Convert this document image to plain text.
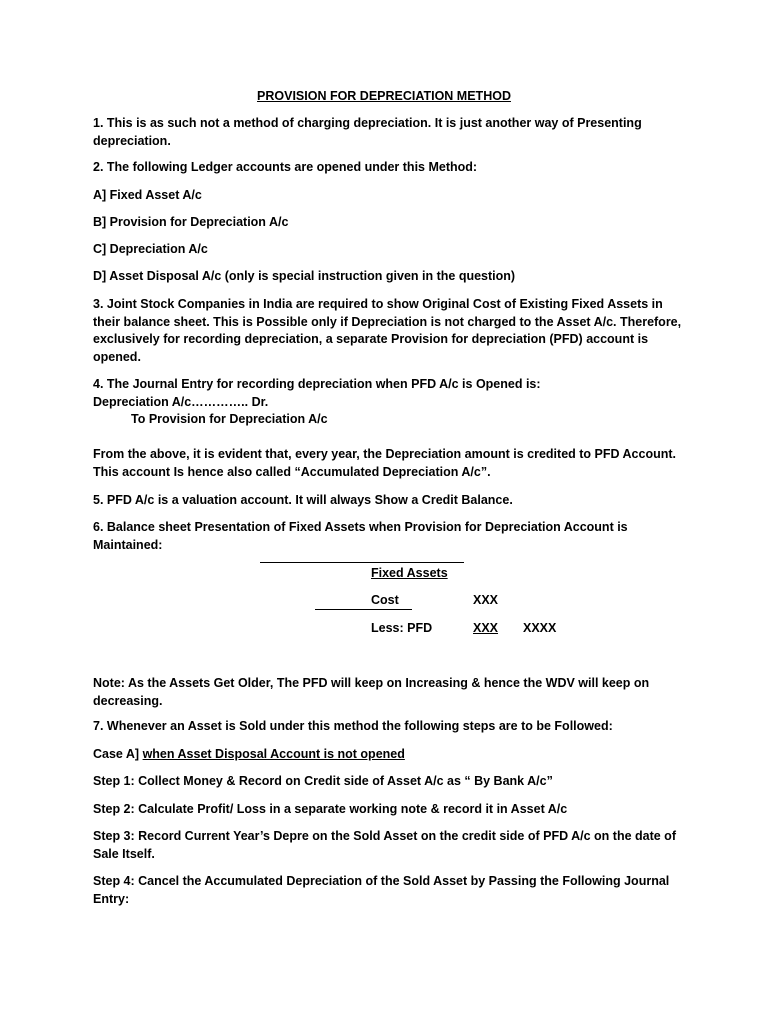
PROVISION FOR DEPRECIATION METHOD

1. This is as such not a method of charging depreciation. It is just another way of Presenting depreciation.

2. The following Ledger accounts are opened under this Method:

A] Fixed Asset A/c

B] Provision for Depreciation A/c

C] Depreciation A/c

D] Asset Disposal A/c (only is special instruction given in the question)

3. Joint Stock Companies in India are required to show Original Cost of Existing Fixed Assets in their balance sheet. This is Possible only if Depreciation is not charged to the Asset A/c. Therefore, exclusively for recording depreciation, a separate Provision for depreciation (PFD) account is opened.

4. The Journal Entry for recording depreciation when PFD A/c is Opened is:

Depreciation A/c………….. Dr.

To Provision for Depreciation A/c

From the above, it is evident that, every year, the Depreciation amount is credited to PFD Account. This account Is hence also called “Accumulated Depreciation A/c”.

5. PFD A/c is a valuation account. It will always Show a Credit Balance.

6. Balance sheet Presentation of Fixed Assets when Provision for Depreciation Account is Maintained:

Fixed Assets

Cost	XXX

Less: PFD	XXX XXXX

Note: As the Assets Get Older, The PFD will keep on Increasing & hence the WDV will keep on decreasing.

7. Whenever an Asset is Sold under this method the following steps are to be Followed:

Case A] when Asset Disposal Account is not opened

Step 1: Collect Money & Record on Credit side of Asset A/c as “ By Bank A/c”

Step 2: Calculate Profit/ Loss in a separate working note & record it in Asset A/c

Step 3: Record Current Year’s Depre on the Sold Asset on the credit side of PFD A/c on the date of Sale Itself.

Step 4: Cancel the Accumulated Depreciation of the Sold Asset by Passing the Following Journal Entry:
